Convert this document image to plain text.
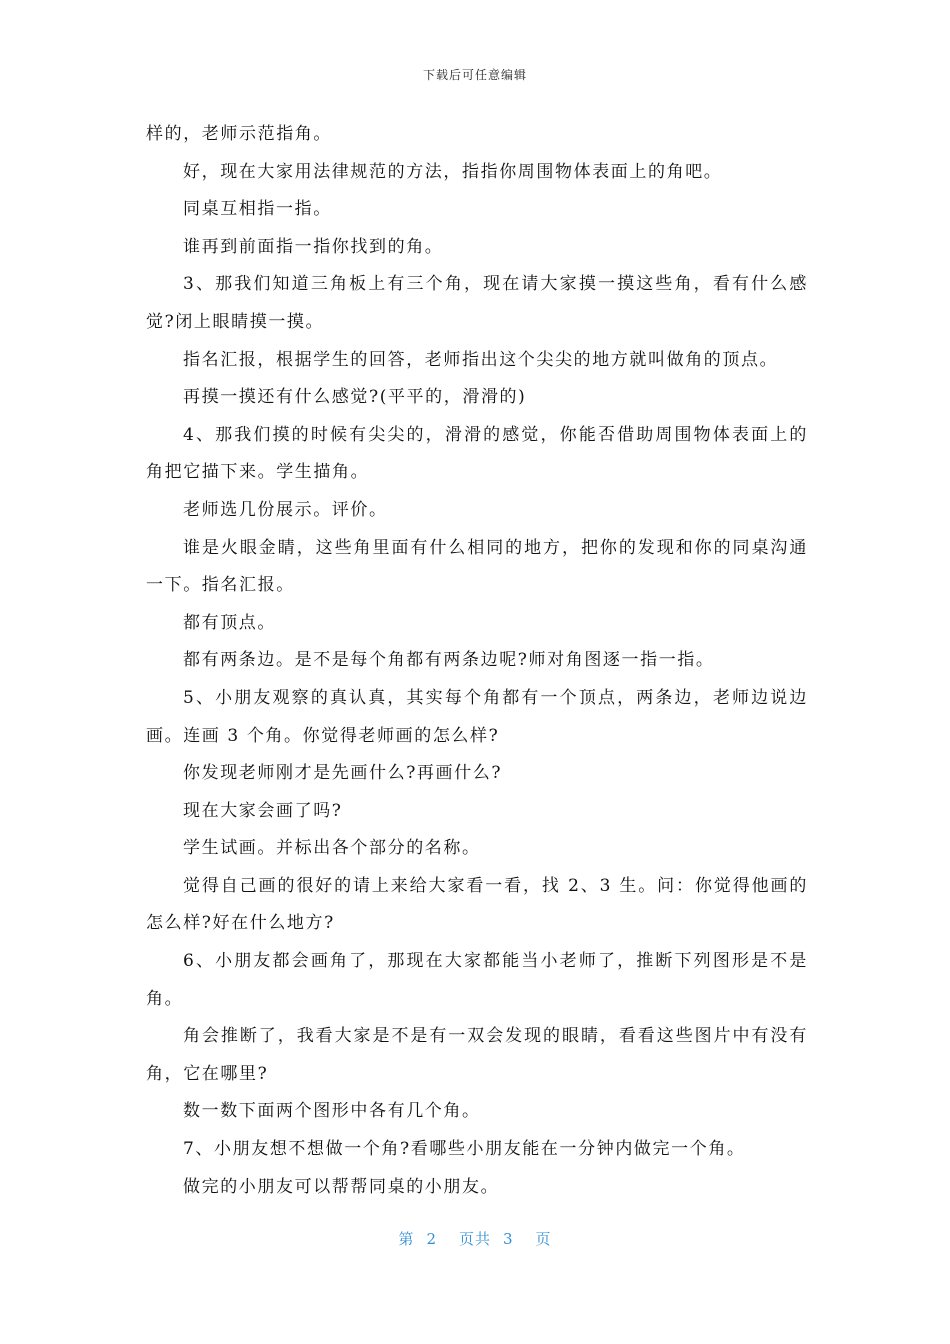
下载后可任意编辑

样的，老师示范指角。

好，现在大家用法律规范的方法，指指你周围物体表面上的角吧。

同桌互相指一指。

谁再到前面指一指你找到的角。

3、那我们知道三角板上有三个角，现在请大家摸一摸这些角，看有什么感觉?闭上眼睛摸一摸。

指名汇报，根据学生的回答，老师指出这个尖尖的地方就叫做角的顶点。

再摸一摸还有什么感觉?(平平的，滑滑的)

4、那我们摸的时候有尖尖的，滑滑的感觉，你能否借助周围物体表面上的角把它描下来。学生描角。

老师选几份展示。评价。

谁是火眼金睛，这些角里面有什么相同的地方，把你的发现和你的同桌沟通一下。指名汇报。

都有顶点。

都有两条边。是不是每个角都有两条边呢?师对角图逐一指一指。

5、小朋友观察的真认真，其实每个角都有一个顶点，两条边，老师边说边画。连画 3 个角。你觉得老师画的怎么样?

你发现老师刚才是先画什么?再画什么?

现在大家会画了吗?

学生试画。并标出各个部分的名称。

觉得自己画的很好的请上来给大家看一看，找 2、3 生。问：你觉得他画的怎么样?好在什么地方?

6、小朋友都会画角了，那现在大家都能当小老师了，推断下列图形是不是角。

角会推断了，我看大家是不是有一双会发现的眼睛，看看这些图片中有没有角，它在哪里?

数一数下面两个图形中各有几个角。

7、小朋友想不想做一个角?看哪些小朋友能在一分钟内做完一个角。

做完的小朋友可以帮帮同桌的小朋友。

第 2 页共 3 页
